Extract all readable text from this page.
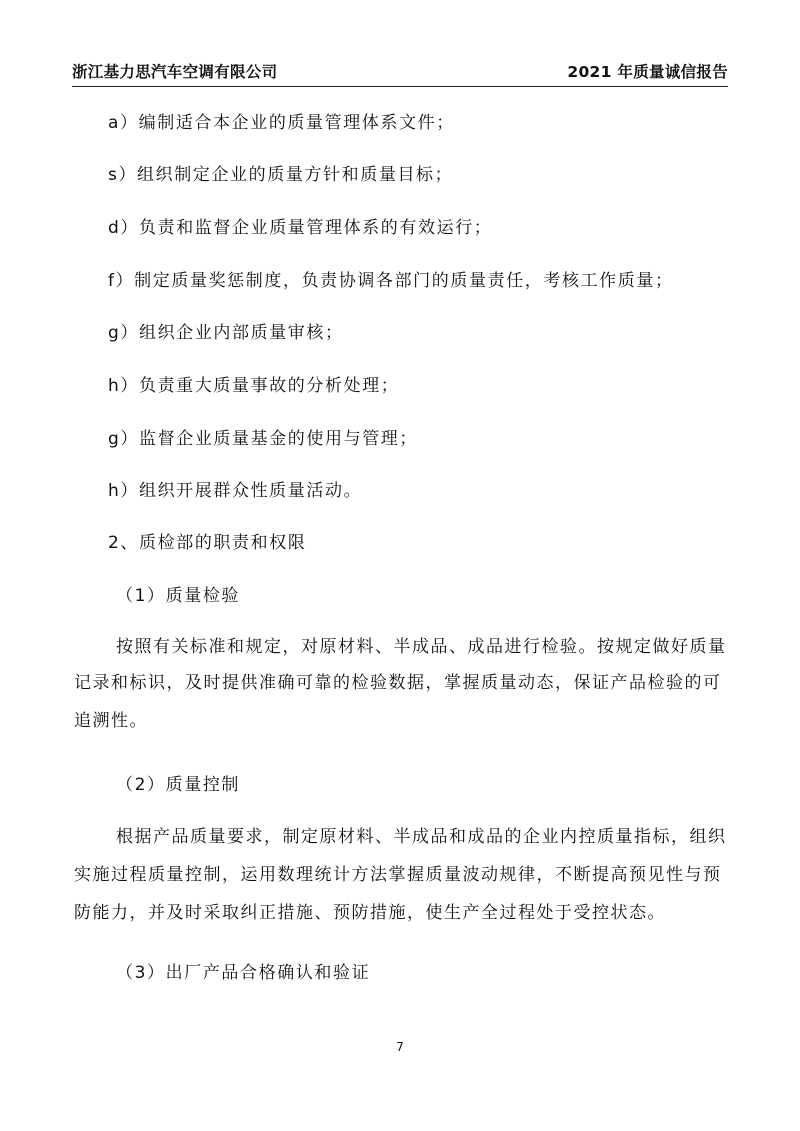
浙江基力思汽车空调有限公司	2021 年质量诚信报告
a）编制适合本企业的质量管理体系文件；
s）组织制定企业的质量方针和质量目标；
d）负责和监督企业质量管理体系的有效运行；
f）制定质量奖惩制度，负责协调各部门的质量责任，考核工作质量；
g）组织企业内部质量审核；
h）负责重大质量事故的分析处理；
g）监督企业质量基金的使用与管理；
h）组织开展群众性质量活动。
2、质检部的职责和权限
（1）质量检验
按照有关标准和规定，对原材料、半成品、成品进行检验。按规定做好质量
记录和标识，及时提供准确可靠的检验数据，掌握质量动态，保证产品检验的可
追溯性。
（2）质量控制
根据产品质量要求，制定原材料、半成品和成品的企业内控质量指标，组织
实施过程质量控制，运用数理统计方法掌握质量波动规律，不断提高预见性与预
防能力，并及时采取纠正措施、预防措施，使生产全过程处于受控状态。
（3）出厂产品合格确认和验证
7
